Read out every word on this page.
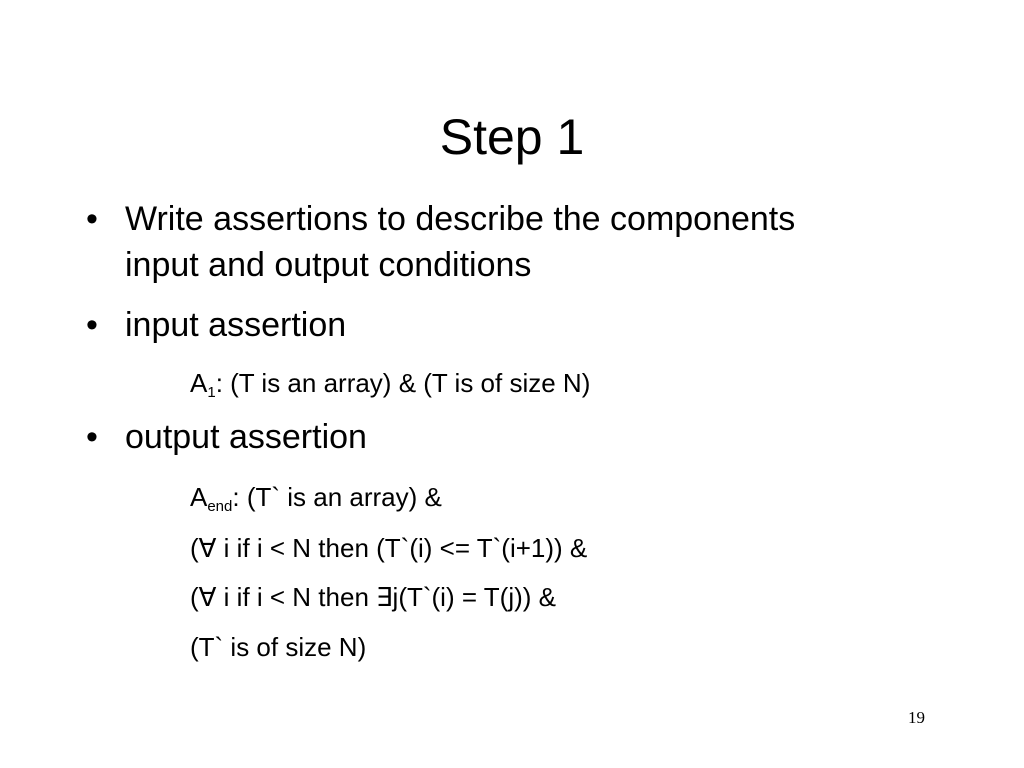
Step 1
• Write assertions to describe the components
input and output conditions
• input assertion
$A_1$: (T is an array) & (T is of size N)
• output assertion
$A_{end}$: (T` is an array) &
(∀ i if i < N then (T`(i) <= T`(i+1)) &
(∀ i if i < N then ∃j(T`(i) = T(j)) &
(T` is of size N)
19
